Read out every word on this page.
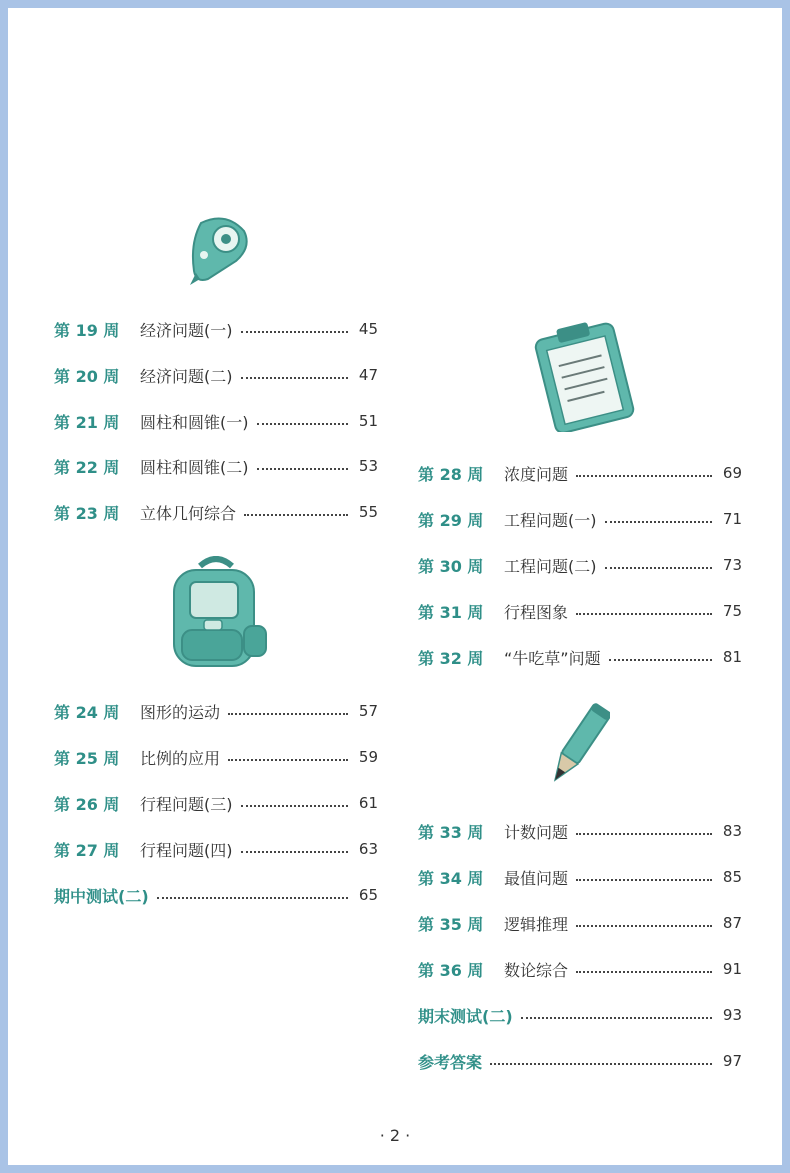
第 19 周	经济问题(一)	45
第 20 周	经济问题(二)	47
第 21 周	圆柱和圆锥(一)	51
第 22 周	圆柱和圆锥(二)	53
第 23 周	立体几何综合	55
第 24 周	图形的运动	57
第 25 周	比例的应用	59
第 26 周	行程问题(三)	61
第 27 周	行程问题(四)	63
期中测试(二)	65
第 28 周	浓度问题	69
第 29 周	工程问题(一)	71
第 30 周	工程问题(二)	73
第 31 周	行程图象	75
第 32 周	“牛吃草”问题	81
第 33 周	计数问题	83
第 34 周	最值问题	85
第 35 周	逻辑推理	87
第 36 周	数论综合	91
期末测试(二)	93
参考答案	97
· 2 ·
